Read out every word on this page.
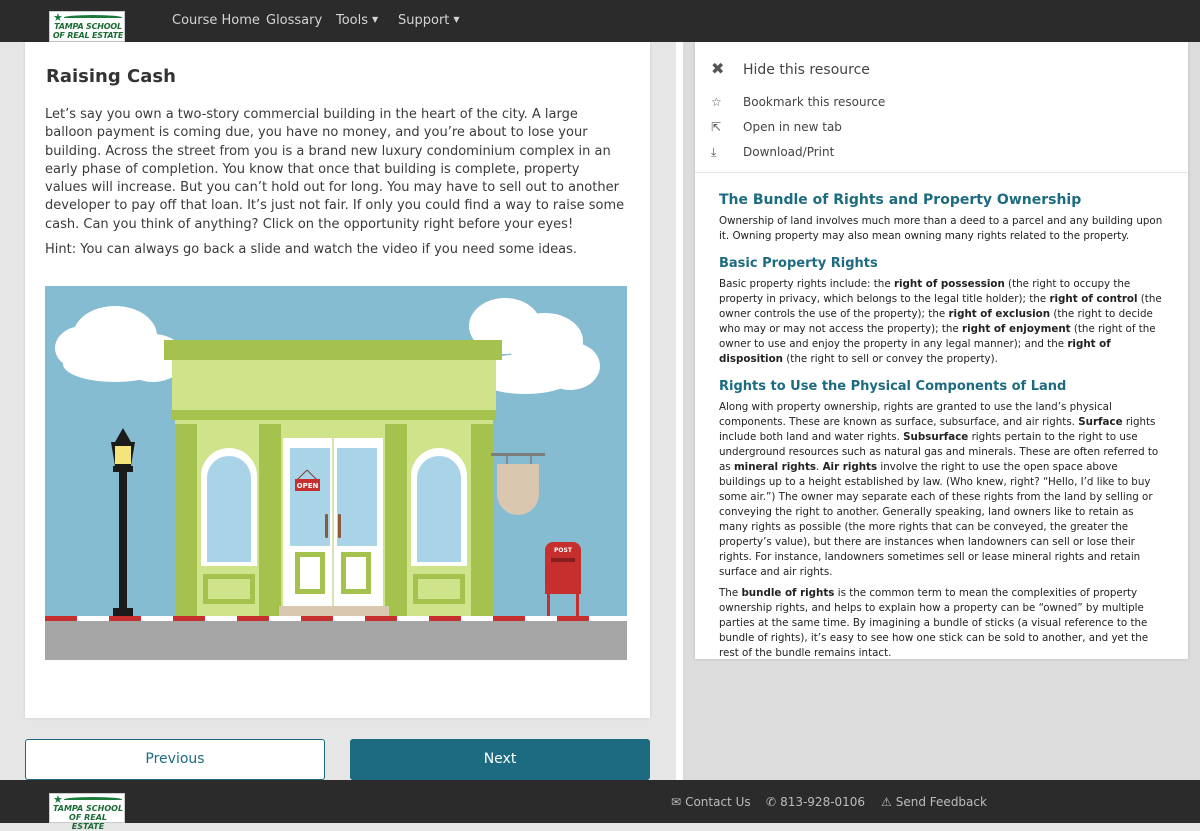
★
TAMPA SCHOOL
OF REAL ESTATE
Course Home Glossary Tools ▼ Support ▼
Raising Cash
Let’s say you own a two-story commercial building in the heart of the city. A large balloon payment is coming due, you have no money, and you’re about to lose your building. Across the street from you is a brand new luxury condominium complex in an early phase of completion. You know that once that building is complete, property values will increase. But you can’t hold out for long. You may have to sell out to another developer to pay off that loan. It’s just not fair. If only you could find a way to raise some cash. Can you think of anything? Click on the opportunity right before your eyes!
Hint: You can always go back a slide and watch the video if you need some ideas.
OPEN
POST
Previous	Next
✖ Hide this resource
☆ Bookmark this resource
⇱ Open in new tab
⤓ Download/Print
The Bundle of Rights and Property Ownership

Ownership of land involves much more than a deed to a parcel and any building upon it. Owning property may also mean owning many rights related to the property.

Basic Property Rights

Basic property rights include: the right of possession (the right to occupy the property in privacy, which belongs to the legal title holder); the right of control (the owner controls the use of the property); the right of exclusion (the right to decide who may or may not access the property); the right of enjoyment (the right of the owner to use and enjoy the property in any legal manner); and the right of disposition (the right to sell or convey the property).

Rights to Use the Physical Components of Land

Along with property ownership, rights are granted to use the land’s physical components. These are known as surface, subsurface, and air rights. Surface rights include both land and water rights. Subsurface rights pertain to the right to use underground resources such as natural gas and minerals. These are often referred to as mineral rights. Air rights involve the right to use the open space above buildings up to a height established by law. (Who knew, right? “Hello, I’d like to buy some air.”) The owner may separate each of these rights from the land by selling or conveying the right to another. Generally speaking, land owners like to retain as many rights as possible (the more rights that can be conveyed, the greater the property’s value), but there are instances when landowners can sell or lose their rights. For instance, landowners sometimes sell or lease mineral rights and retain surface and air rights.

The bundle of rights is the common term to mean the complexities of property ownership rights, and helps to explain how a property can be “owned” by multiple parties at the same time. By imagining a bundle of sticks (a visual reference to the bundle of rights), it’s easy to see how one stick can be sold to another, and yet the rest of the bundle remains intact.

★
TAMPA SCHOOL
OF REAL ESTATE
✉ Contact Us ✆ 813-928-0106 ⚠ Send Feedback
